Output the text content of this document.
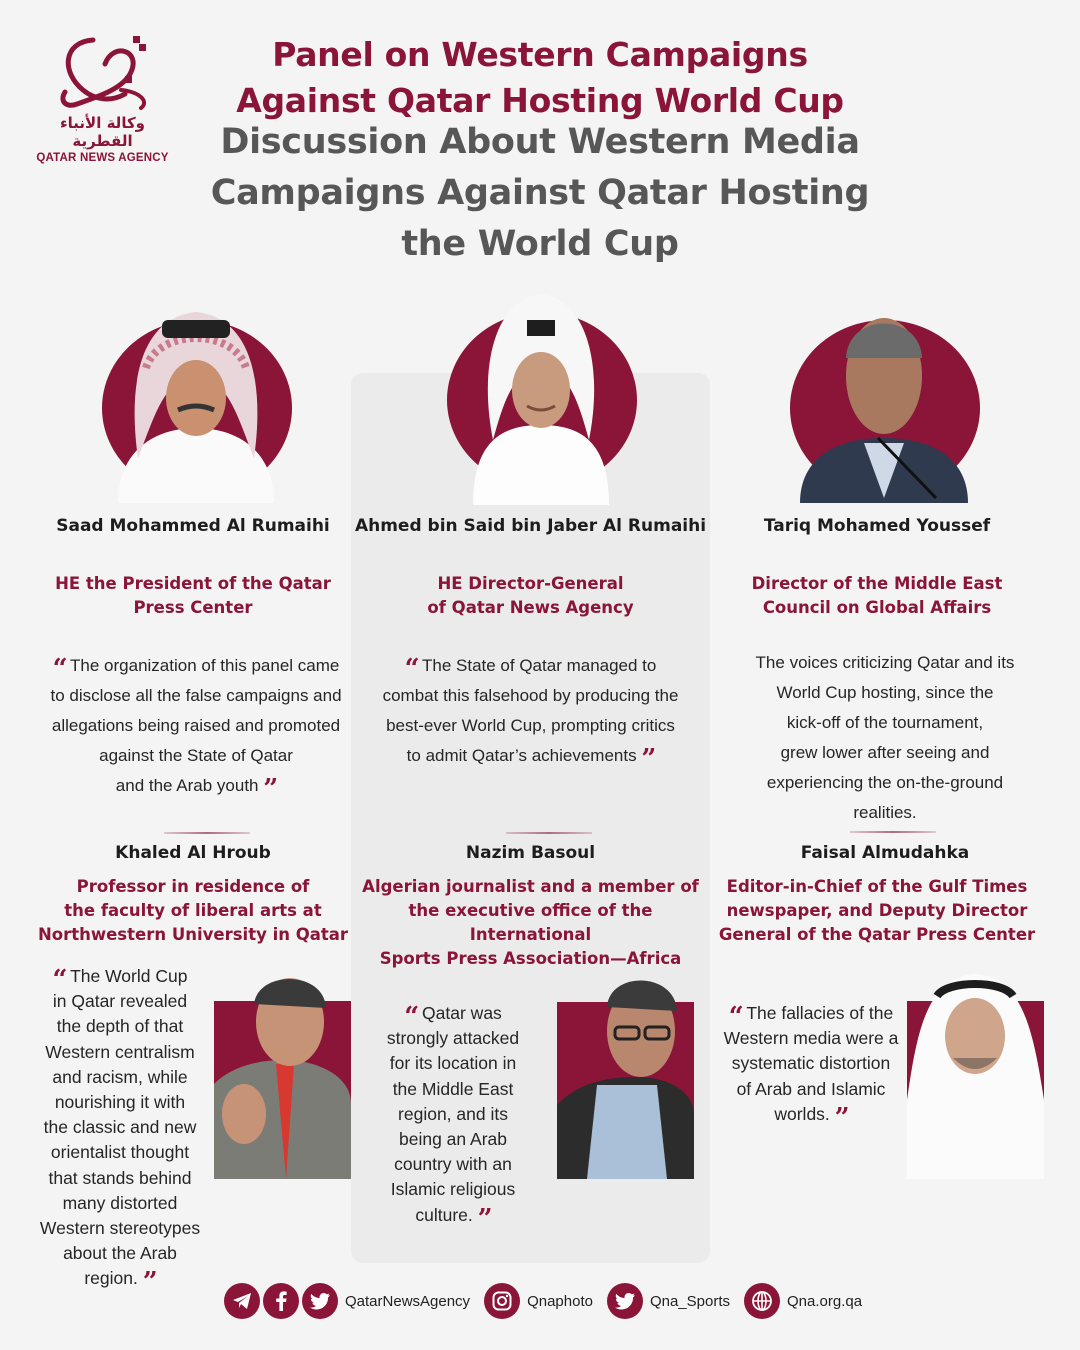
وكالة الأنباء القطرية
QATAR NEWS AGENCY
Panel on Western Campaigns
Against Qatar Hosting World Cup
Discussion About Western Media
Campaigns Against Qatar Hosting
the World Cup
Saad Mohammed Al Rumaihi
HE the President of the Qatar
Press Center
“ The organization of this panel came
to disclose all the false campaigns and
allegations being raised and promoted
against the State of Qatar
and the Arab youth ”
Ahmed bin Said bin Jaber Al Rumaihi
HE Director-General
of Qatar News Agency
“ The State of Qatar managed to
combat this falsehood by producing the
best-ever World Cup, prompting critics
to admit Qatar’s achievements ”
Tariq Mohamed Youssef
Director of the Middle East
Council on Global Affairs
The voices criticizing Qatar and its
World Cup hosting, since the
kick-off of the tournament,
grew lower after seeing and
experiencing the on-the-ground
realities.
Khaled Al Hroub
Professor in residence of
the faculty of liberal arts at
Northwestern University in Qatar
Nazim Basoul
Algerian journalist and a member of
the executive office of the International
Sports Press Association—Africa
Faisal Almudahka
Editor-in-Chief of the Gulf Times
newspaper, and Deputy Director
General of the Qatar Press Center
“ The World Cup
in Qatar revealed
the depth of that
Western centralism
and racism, while
nourishing it with
the classic and new
orientalist thought
that stands behind
many distorted
Western stereotypes
about the Arab
region. ”
“ Qatar was
strongly attacked
for its location in
the Middle East
region, and its
being an Arab
country with an
Islamic religious
culture. ”
“ The fallacies of the
Western media were a
systematic distortion
of Arab and Islamic
worlds. ”
QatarNewsAgency	Qnaphoto	Qna_Sports	Qna.org.qa
